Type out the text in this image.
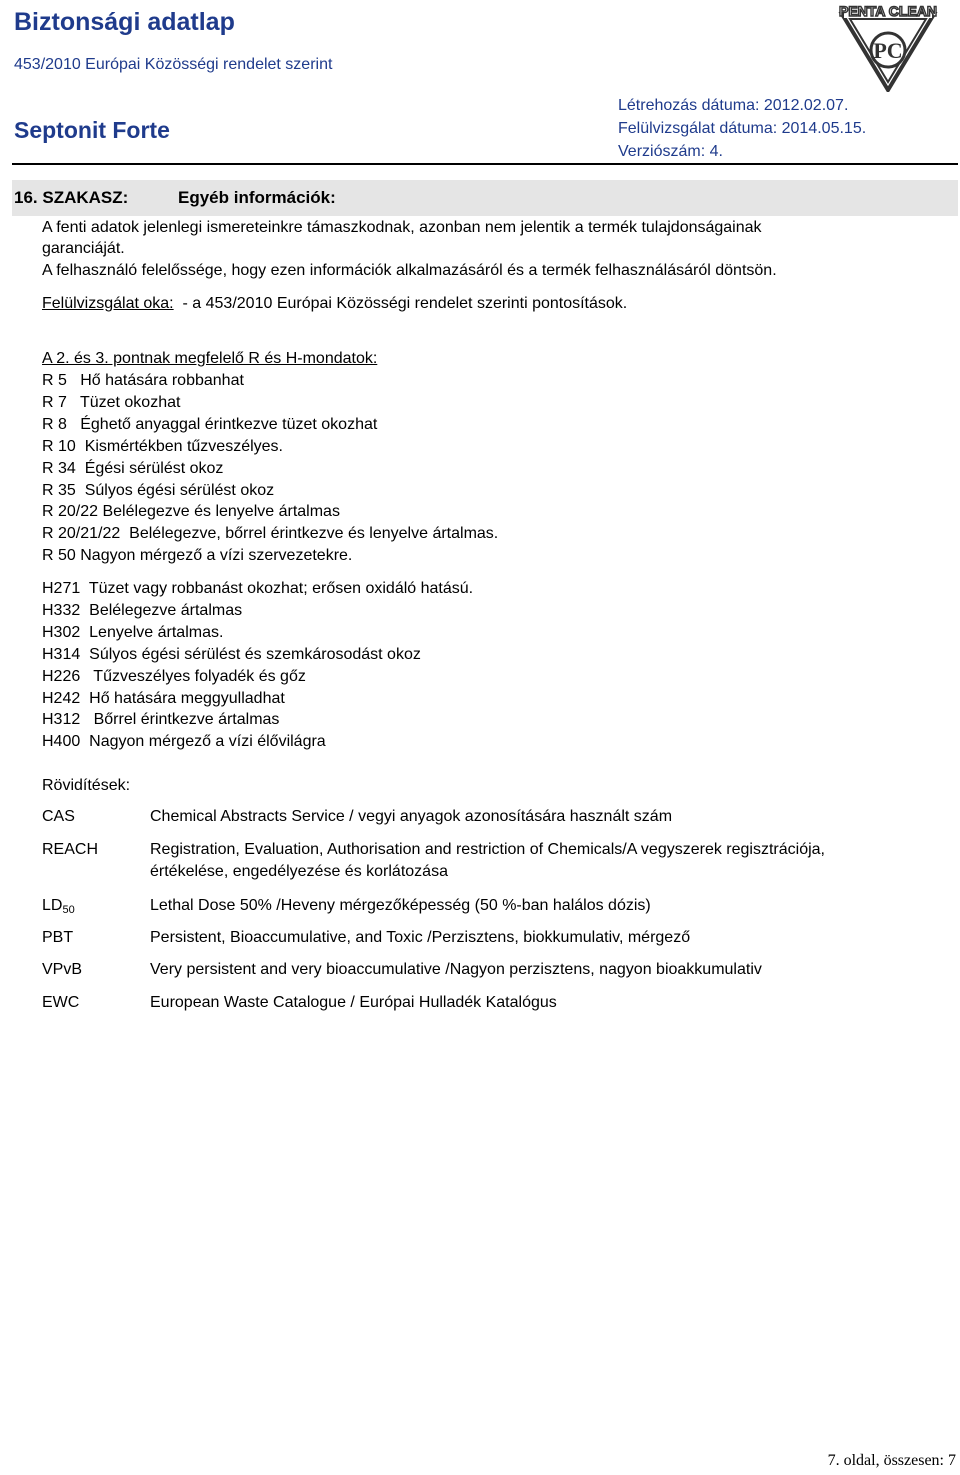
Biztonsági adatlap
453/2010 Európai Közösségi rendelet szerint
Septonit Forte
Létrehozás dátuma: 2012.02.07.
Felülvizsgálat dátuma: 2014.05.15.
Verziószám: 4.
PENTA CLEAN
PC
16. SZAKASZ:	Egyéb információk:
A fenti adatok jelenlegi ismereteinkre támaszkodnak, azonban nem jelentik a termék tulajdonságainak
garanciáját.
A felhasználó felelőssége, hogy ezen információk alkalmazásáról és a termék felhasználásáról döntsön.
Felülvizsgálat oka:  - a 453/2010 Európai Közösségi rendelet szerinti pontosítások.
A 2. és 3. pontnak megfelelő R és H-mondatok:
R 5   Hő hatására robbanhat
R 7   Tüzet okozhat
R 8   Éghető anyaggal érintkezve tüzet okozhat
R 10  Kismértékben tűzveszélyes.
R 34  Égési sérülést okoz
R 35  Súlyos égési sérülést okoz
R 20/22 Belélegezve és lenyelve ártalmas
R 20/21/22  Belélegezve, bőrrel érintkezve és lenyelve ártalmas.
R 50 Nagyon mérgező a vízi szervezetekre.
H271  Tüzet vagy robbanást okozhat; erősen oxidáló hatású.
H332  Belélegezve ártalmas
H302  Lenyelve ártalmas.
H314  Súlyos égési sérülést és szemkárosodást okoz
H226   Tűzveszélyes folyadék és gőz
H242  Hő hatására meggyulladhat
H312   Bőrrel érintkezve ártalmas
H400  Nagyon mérgező a vízi élővilágra
Rövidítések:
CAS	Chemical Abstracts Service / vegyi anyagok azonosítására használt szám
REACH	Registration, Evaluation, Authorisation and restriction of Chemicals/A vegyszerek regisztrációja,
értékelése, engedélyezése és korlátozása
$LD_{50}$	Lethal Dose 50% /Heveny mérgezőképesség (50 %-ban halálos dózis)
PBT	Persistent, Bioaccumulative, and Toxic /Perzisztens, biokkumulativ, mérgező
VPvB	Very persistent and very bioaccumulative /Nagyon perzisztens, nagyon bioakkumulativ
EWC	European Waste Catalogue / Európai Hulladék Katalógus
7. oldal, összesen: 7
